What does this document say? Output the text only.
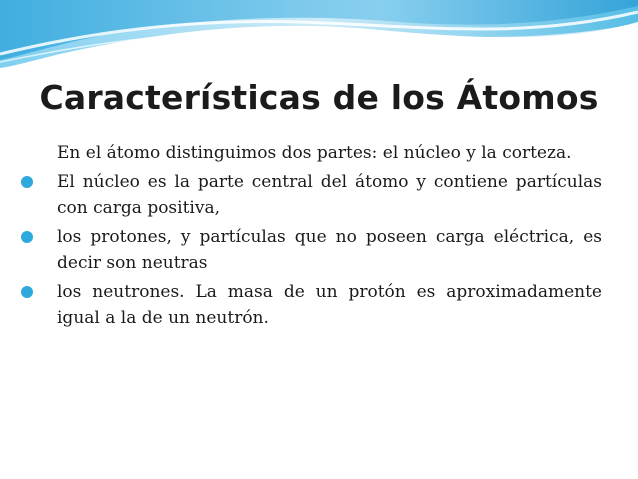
Características de los Átomos
En el átomo distinguimos dos partes: el núcleo y la corteza.
El núcleo es la parte central del átomo y contiene partículas con carga positiva,
los protones, y partículas que no poseen carga eléctrica, es decir son neutras
los neutrones. La masa de un protón es aproximadamente igual a la de un neutrón.
